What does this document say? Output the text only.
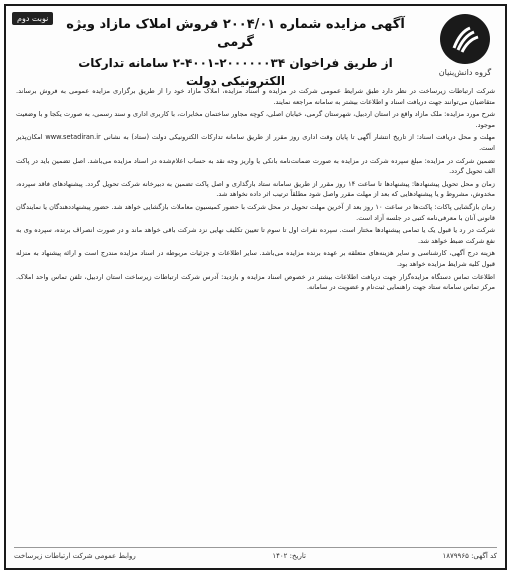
نوبت دوم
گروه دانش‌بنیان
آگهی مزایده شماره ۲۰۰۴/۰۱ فروش املاک مازاد ویژه گرمی
از طریق فراخوان ۲۰۰۰۰۰۰۳۴-۴۰۰۱-۲ سامانه تدارکات الکترونیکی دولت

شرکت ارتباطات زیرساخت در نظر دارد طبق شرایط عمومی شرکت در مزایده و اسناد مزایده، املاک مازاد خود را از طریق برگزاری مزایده عمومی به فروش برساند. متقاضیان می‌توانند جهت دریافت اسناد و اطلاعات بیشتر به سامانه مراجعه نمایند.

شرح مورد مزایده: ملک مازاد واقع در استان اردبیل، شهرستان گرمی، خیابان اصلی، کوچه مجاور ساختمان مخابرات، با کاربری اداری و سند رسمی، به صورت یکجا و با وضعیت موجود.

مهلت و محل دریافت اسناد: از تاریخ انتشار آگهی تا پایان وقت اداری روز مقرر از طریق سامانه تدارکات الکترونیکی دولت (ستاد) به نشانی www.setadiran.ir امکان‌پذیر است.

تضمین شرکت در مزایده: مبلغ سپرده شرکت در مزایده به صورت ضمانت‌نامه بانکی یا واریز وجه نقد به حساب اعلام‌شده در اسناد مزایده می‌باشد. اصل تضمین باید در پاکت الف تحویل گردد.

زمان و محل تحویل پیشنهادها: پیشنهادها تا ساعت ۱۴ روز مقرر از طریق سامانه ستاد بارگذاری و اصل پاکت تضمین به دبیرخانه شرکت تحویل گردد. پیشنهادهای فاقد سپرده، مخدوش، مشروط و یا پیشنهادهایی که بعد از مهلت مقرر واصل شود مطلقاً ترتیب اثر داده نخواهد شد.

زمان بازگشایی پاکات: پاکت‌ها در ساعت ۱۰ روز بعد از آخرین مهلت تحویل در محل شرکت با حضور کمیسیون معاملات بازگشایی خواهد شد. حضور پیشنهاددهندگان یا نمایندگان قانونی آنان با معرفی‌نامه کتبی در جلسه آزاد است.

شرکت در رد یا قبول یک یا تمامی پیشنهادها مختار است. سپرده نفرات اول تا سوم تا تعیین تکلیف نهایی نزد شرکت باقی خواهد ماند و در صورت انصراف برنده، سپرده وی به نفع شرکت ضبط خواهد شد.

هزینه درج آگهی، کارشناسی و سایر هزینه‌های متعلقه بر عهده برنده مزایده می‌باشد. سایر اطلاعات و جزئیات مربوطه در اسناد مزایده مندرج است و ارائه پیشنهاد به منزله قبول کلیه شرایط مزایده خواهد بود.

اطلاعات تماس دستگاه مزایده‌گزار جهت دریافت اطلاعات بیشتر در خصوص اسناد مزایده و بازدید: آدرس شرکت ارتباطات زیرساخت استان اردبیل، تلفن تماس واحد املاک. مرکز تماس سامانه ستاد جهت راهنمایی ثبت‌نام و عضویت در سامانه.

کد آگهی: ۱۸۷۹۹۶۵
تاریخ: ۱۴۰۲
روابط عمومی شرکت ارتباطات زیرساخت
